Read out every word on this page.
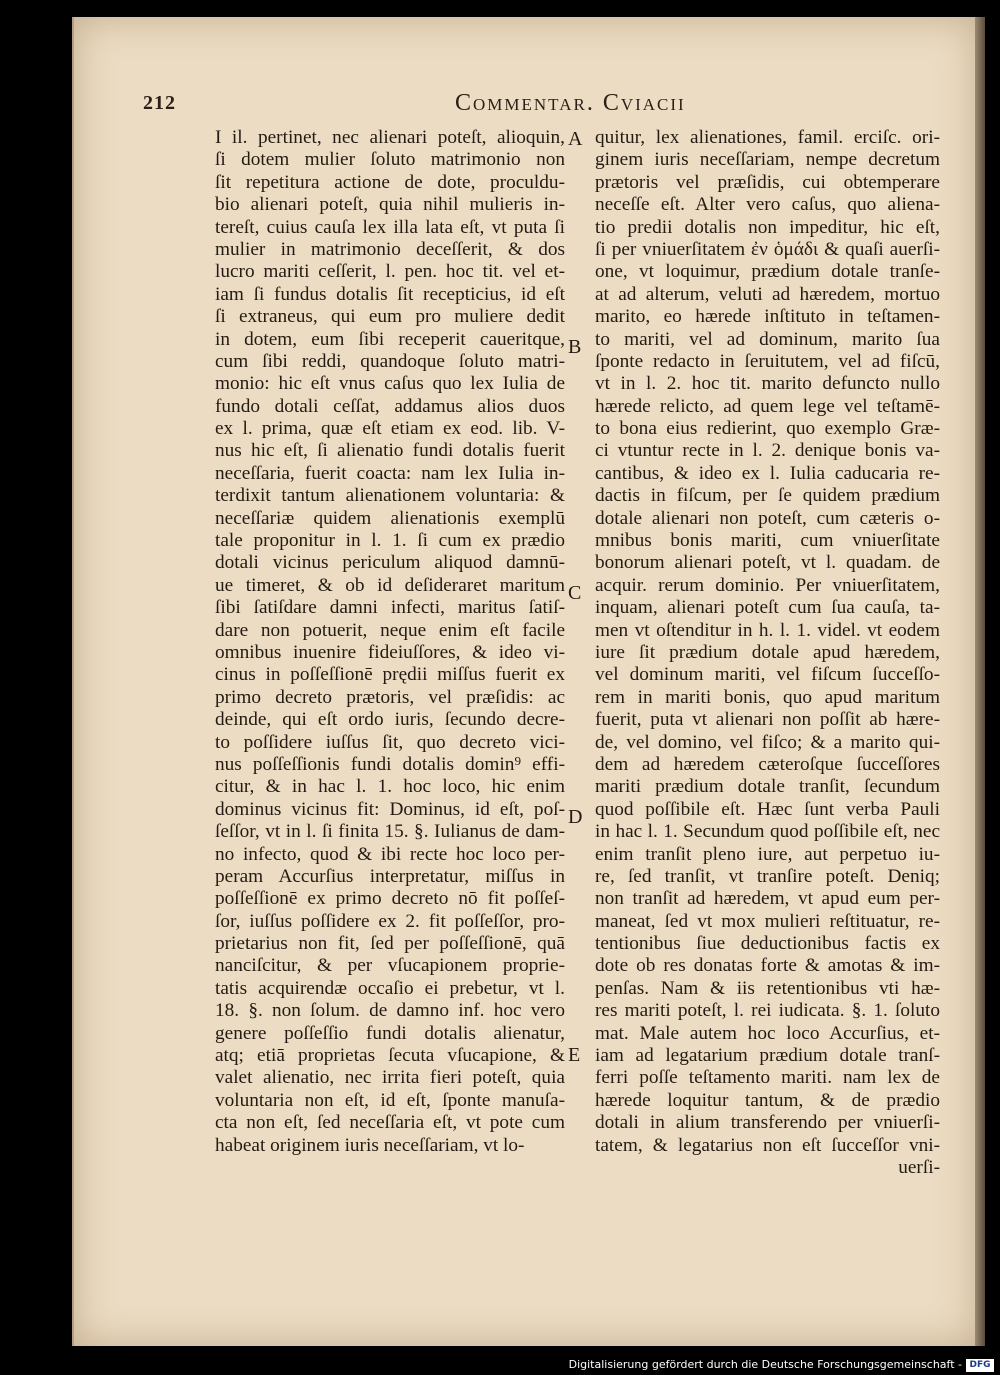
212	Commentar. Cviacii
I il. pertinet, nec alienari poteſt, alioquin,
ſi dotem mulier ſoluto matrimonio non
ſit repetitura actione de dote, proculdu-
bio alienari poteſt, quia nihil mulieris in-
tereſt, cuius cauſa lex illa lata eſt, vt puta ſi
mulier in matrimonio deceſſerit, & dos
lucro mariti ceſſerit, l. pen. hoc tit. vel et-
iam ſi fundus dotalis ſit recepticius, id eſt
ſi extraneus, qui eum pro muliere dedit
in dotem, eum ſibi receperit caueritque,
cum ſibi reddi, quandoque ſoluto matri-
monio: hic eſt vnus caſus quo lex Iulia de
fundo dotali ceſſat, addamus alios duos
ex l. prima, quæ eſt etiam ex eod. lib. V-
nus hic eſt, ſi alienatio fundi dotalis fuerit
neceſſaria, fuerit coacta: nam lex Iulia in-
terdixit tantum alienationem voluntaria: &
neceſſariæ quidem alienationis exemplū
tale proponitur in l. 1. ſi cum ex prædio
dotali vicinus periculum aliquod damnū-
ue timeret, & ob id deſideraret maritum
ſibi ſatiſdare damni infecti, maritus ſatiſ-
dare non potuerit, neque enim eſt facile
omnibus inuenire fideiuſſores, & ideo vi-
cinus in poſſeſſionē prędii miſſus fuerit ex
primo decreto prætoris, vel præſidis: ac
deinde, qui eſt ordo iuris, ſecundo decre-
to poſſidere iuſſus ſit, quo decreto vici-
nus poſſeſſionis fundi dotalis domin⁹ effi-
citur, & in hac l. 1. hoc loco, hic enim
dominus vicinus fit: Dominus, id eſt, poſ-
ſeſſor, vt in l. ſi finita 15. §. Iulianus de dam-
no infecto, quod & ibi recte hoc loco per-
peram Accurſius interpretatur, miſſus in
poſſeſſionē ex primo decreto nō fit poſſeſ-
ſor, iuſſus poſſidere ex 2. fit poſſeſſor, pro-
prietarius non fit, ſed per poſſeſſionē, quā
nanciſcitur, & per vſucapionem proprie-
tatis acquirendæ occaſio ei prebetur, vt l.
18. §. non ſolum. de damno inf. hoc vero
genere poſſeſſio fundi dotalis alienatur,
atq; etiā proprietas ſecuta vſucapione, &
valet alienatio, nec irrita fieri poteſt, quia
voluntaria non eſt, id eſt, ſponte manuſa-
cta non eſt, ſed neceſſaria eſt, vt pote cum
habeat originem iuris neceſſariam, vt lo-
quitur, lex alienationes, famil. erciſc. ori-
ginem iuris neceſſariam, nempe decretum
prætoris vel præſidis, cui obtemperare
neceſſe eſt. Alter vero caſus, quo aliena-
tio predii dotalis non impeditur, hic eſt,
ſi per vniuerſitatem ἐν ὁμάδι & quaſi auerſi-
one, vt loquimur, prædium dotale tranſe-
at ad alterum, veluti ad hæredem, mortuo
marito, eo hærede inſtituto in teſtamen-
to mariti, vel ad dominum, marito ſua
ſponte redacto in ſeruitutem, vel ad fiſcū,
vt in l. 2. hoc tit. marito defuncto nullo
hærede relicto, ad quem lege vel teſtamē-
to bona eius redierint, quo exemplo Græ-
ci vtuntur recte in l. 2. denique bonis va-
cantibus, & ideo ex l. Iulia caducaria re-
dactis in fiſcum, per ſe quidem prædium
dotale alienari non poteſt, cum cæteris o-
mnibus bonis mariti, cum vniuerſitate
bonorum alienari poteſt, vt l. quadam. de
acquir. rerum dominio. Per vniuerſitatem,
inquam, alienari poteſt cum ſua cauſa, ta-
men vt oſtenditur in h. l. 1. videl. vt eodem
iure ſit prædium dotale apud hæredem,
vel dominum mariti, vel fiſcum ſucceſſo-
rem in mariti bonis, quo apud maritum
fuerit, puta vt alienari non poſſit ab hære-
de, vel domino, vel fiſco; & a marito qui-
dem ad hæredem cæteroſque ſucceſſores
mariti prædium dotale tranſit, ſecundum
quod poſſibile eſt. Hæc ſunt verba Pauli
in hac l. 1. Secundum quod poſſibile eſt, nec
enim tranſit pleno iure, aut perpetuo iu-
re, ſed tranſit, vt tranſire poteſt. Deniq;
non tranſit ad hæredem, vt apud eum per-
maneat, ſed vt mox mulieri reſtituatur, re-
tentionibus ſiue deductionibus factis ex
dote ob res donatas forte & amotas & im-
penſas. Nam & iis retentionibus vti hæ-
res mariti poteſt, l. rei iudicata. §. 1. ſoluto
mat. Male autem hoc loco Accurſius, et-
iam ad legatarium prædium dotale tranſ-
ferri poſſe teſtamento mariti. nam lex de
hærede loquitur tantum, & de prædio
dotali in alium transferendo per vniuerſi-
tatem, & legatarius non eſt ſucceſſor vni-
uerſi-
A
B
C
D
E
Digitalisierung gefördert durch die Deutsche Forschungsgemeinschaft - DFG
